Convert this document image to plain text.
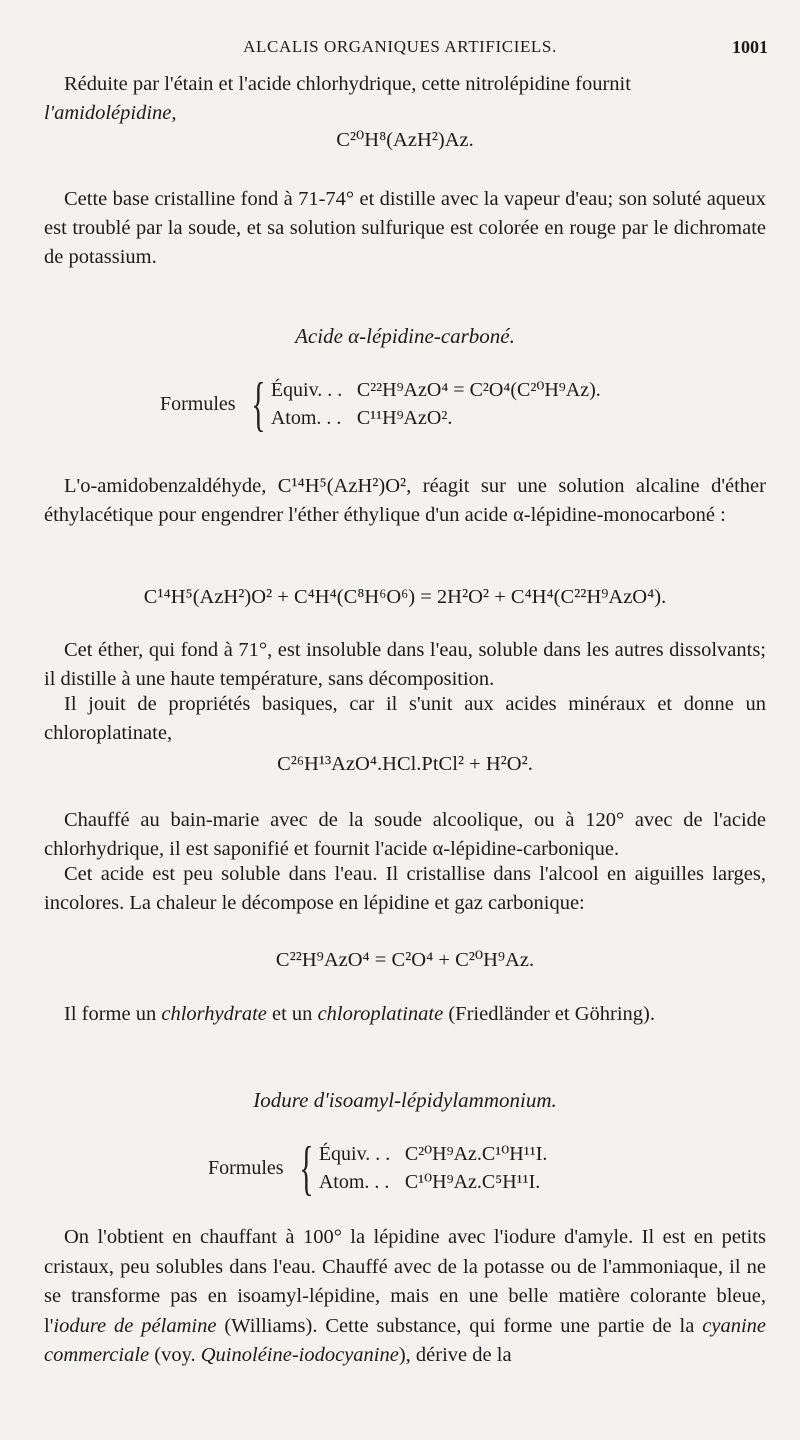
ALCALIS ORGANIQUES ARTIFICIELS.	1001

Réduite par l'étain et l'acide chlorhydrique, cette nitrolépidine fournit
l'amidolépidine,

C²⁰H⁸(AzH²)Az.

Cette base cristalline fond à 71-74° et distille avec la vapeur d'eau; son soluté aqueux est troublé par la soude, et sa solution sulfurique est colorée en rouge par le dichromate de potassium.

Acide α-lépidine-carboné.
Formules { Équiv. . . C²²H⁹AzO⁴ = C²O⁴(C²⁰H⁹Az).
Atom. . . C¹¹H⁹AzO².

L'o-amidobenzaldéhyde, C¹⁴H⁵(AzH²)O², réagit sur une solution alcaline d'éther éthylacétique pour engendrer l'éther éthylique d'un acide α-lépidine-monocarboné :

C¹⁴H⁵(AzH²)O² + C⁴H⁴(C⁸H⁶O⁶) = 2H²O² + C⁴H⁴(C²²H⁹AzO⁴).

Cet éther, qui fond à 71°, est insoluble dans l'eau, soluble dans les autres dissolvants; il distille à une haute température, sans décomposition.

Il jouit de propriétés basiques, car il s'unit aux acides minéraux et donne un chloroplatinate,

C²⁶H¹³AzO⁴.HCl.PtCl² + H²O².

Chauffé au bain-marie avec de la soude alcoolique, ou à 120° avec de l'acide chlorhydrique, il est saponifié et fournit l'acide α-lépidine-carbonique.

Cet acide est peu soluble dans l'eau. Il cristallise dans l'alcool en aiguilles larges, incolores. La chaleur le décompose en lépidine et gaz carbonique:

C²²H⁹AzO⁴ = C²O⁴ + C²⁰H⁹Az.

Il forme un chlorhydrate et un chloroplatinate (Friedländer et Göhring).

Iodure d'isoamyl-lépidylammonium.
Formules { Équiv. . . C²⁰H⁹Az.C¹⁰H¹¹I.
Atom. . . C¹⁰H⁹Az.C⁵H¹¹I.

On l'obtient en chauffant à 100° la lépidine avec l'iodure d'amyle. Il est en petits cristaux, peu solubles dans l'eau. Chauffé avec de la potasse ou de l'ammoniaque, il ne se transforme pas en isoamyl-lépidine, mais en une belle matière colorante bleue, l'iodure de pélamine (Williams). Cette substance, qui forme une partie de la cyanine commerciale (voy. Quinoléine-iodocyanine), dérive de la
